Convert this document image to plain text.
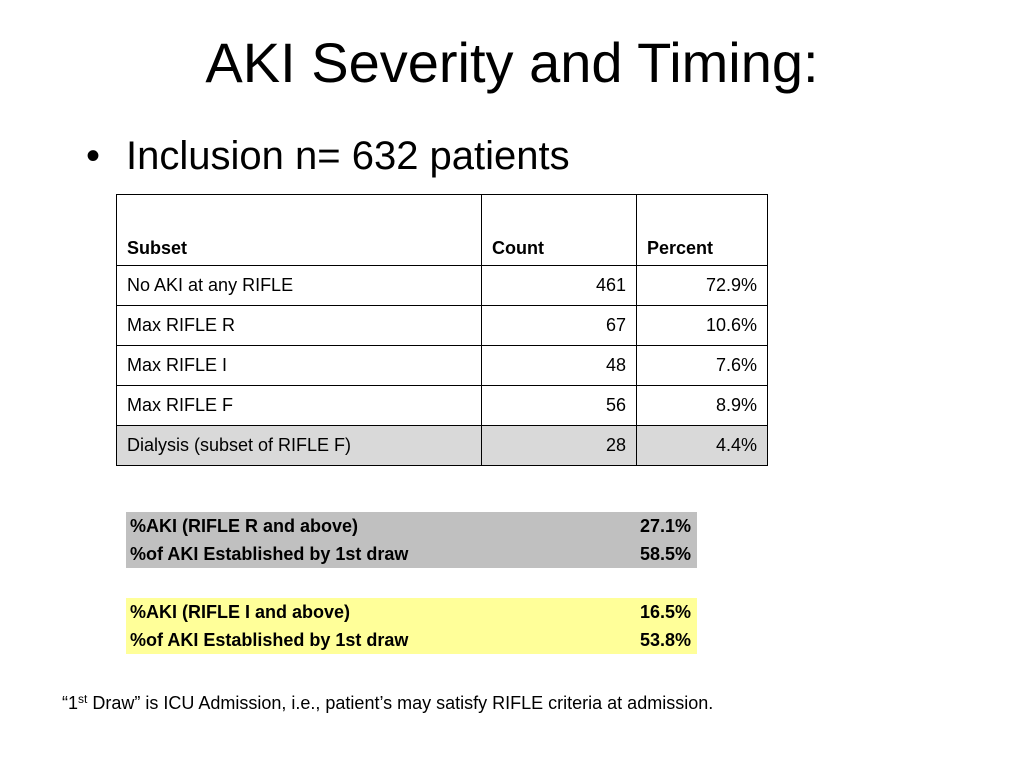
AKI Severity and Timing:
• Inclusion n= 632 patients
Subset	Count	Percent
No AKI at any RIFLE	461	72.9%
Max RIFLE R	67	10.6%
Max RIFLE I	48	7.6%
Max RIFLE F	56	8.9%
Dialysis (subset of RIFLE F)	28	4.4%
%AKI (RIFLE R and above)	27.1%
%of AKI Established by 1st draw	58.5%
%AKI (RIFLE I and above)	16.5%
%of AKI Established by 1st draw	53.8%
“1st Draw” is ICU Admission, i.e., patient’s may satisfy RIFLE criteria at admission.
